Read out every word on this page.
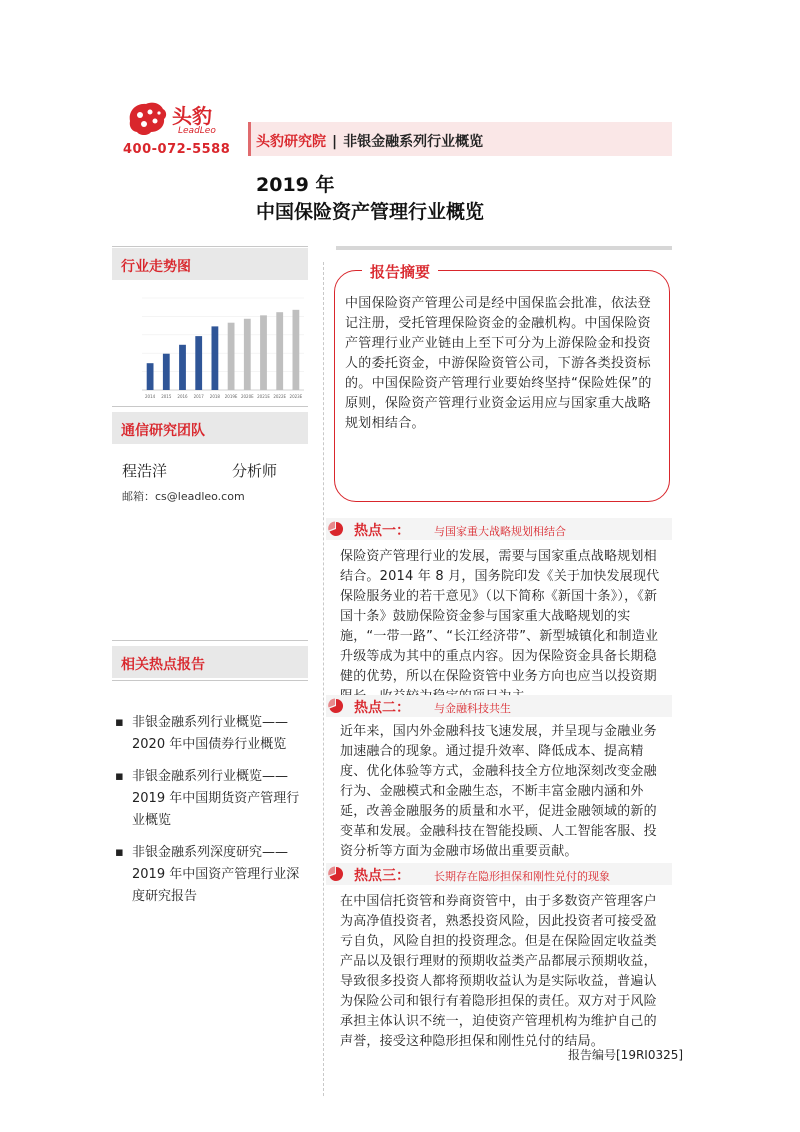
头豹
LeadLeo
400-072-5588 头豹研究院 | 非银金融系列行业概览
2019 年
中国保险资产管理行业概览
行业走势图
2014 2015 2016 2017 2018 2019E 2020E 2021E 2022E 2023E
通信研究团队
程浩洋	分析师
邮箱：cs@leadleo.com
相关热点报告
▪ 非银金融系列行业概览——
2020 年中国债券行业概览
▪ 非银金融系列行业概览——
2019 年中国期货资产管理行
业概览
▪ 非银金融系列深度研究——
2019 年中国资产管理行业深
度研究报告
报告摘要
中国保险资产管理公司是经中国保监会批准，依法登记注册，受托管理保险资金的金融机构。中国保险资产管理行业产业链由上至下可分为上游保险金和投资人的委托资金，中游保险资管公司，下游各类投资标的。中国保险资产管理行业要始终坚持“保险姓保”的原则，保险资产管理行业资金运用应与国家重大战略规划相结合。
热点一： 与国家重大战略规划相结合
保险资产管理行业的发展，需要与国家重点战略规划相结合。2014 年 8 月，国务院印发《关于加快发展现代保险服务业的若干意见》（以下简称《新国十条》），《新国十条》鼓励保险资金参与国家重大战略规划的实施，“一带一路”、“长江经济带”、新型城镇化和制造业升级等成为其中的重点内容。因为保险资金具备长期稳健的优势，所以在保险资管中业务方向也应当以投资期
热点二： 与金融科技共生
近年来，国内外金融科技飞速发展，并呈现与金融业务加速融合的现象。通过提升效率、降低成本、提高精度、优化体验等方式，金融科技全方位地深刻改变金融行为、金融模式和金融生态，不断丰富金融内涵和外延，改善金融服务的质量和水平，促进金融领域的新的变革和发展。金融科技在智能投顾、人工智能客服、投资分析等方面为金融市场做出重要贡献。
热点三： 长期存在隐形担保和刚性兑付的现象
在中国信托资管和券商资管中，由于多数资产管理客户为高净值投资者，熟悉投资风险，因此投资者可接受盈亏自负，风险自担的投资理念。但是在保险固定收益类产品以及银行理财的预期收益类产品都展示预期收益，导致很多投资人都将预期收益认为是实际收益，普遍认为保险公司和银行有着隐形担保的责任。双方对于风险承担主体认识不统一，迫使资产管理机构为维护自己的声誉，接受这种隐形担保和刚性兑付的结局。
报告编号[19RI0325]
